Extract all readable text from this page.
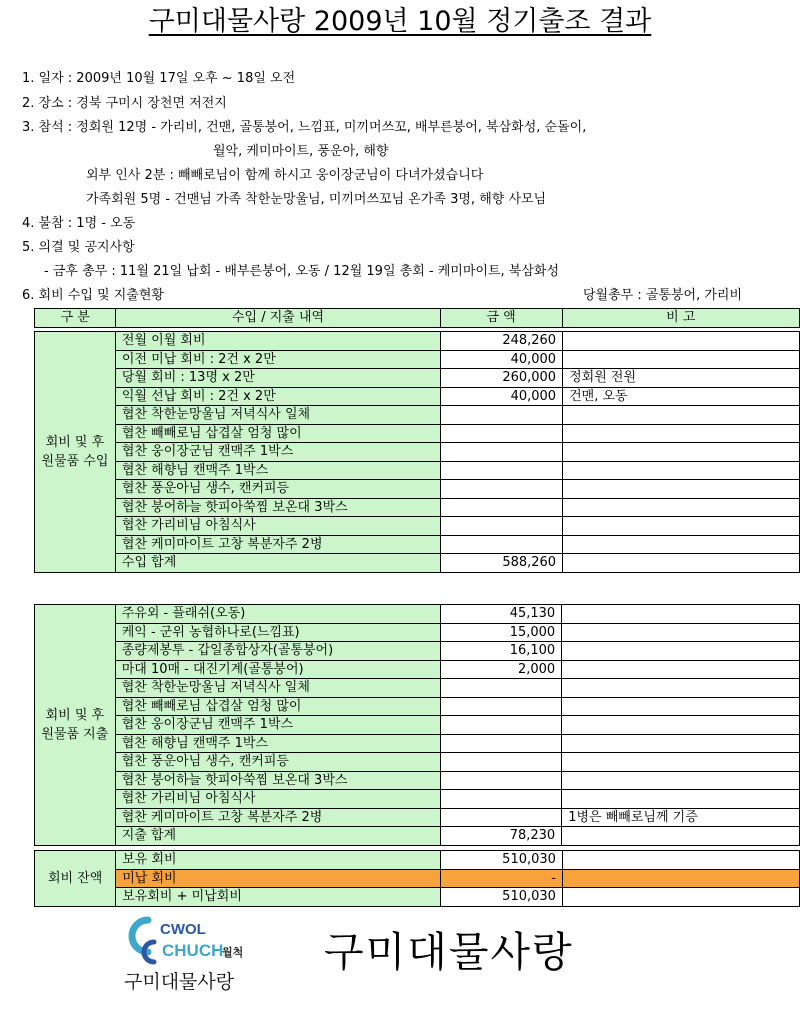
구미대물사랑 2009년 10월 정기출조 결과
1. 일자 : 2009년 10월 17일 오후 ~ 18일 오전
2. 장소 : 경북 구미시 장천면 저전지
3. 참석 : 정회원 12명 - 가리비, 건맨, 골통붕어, 느낌표, 미끼머쓰꼬, 배부른붕어, 북삼화성, 순돌이,
월악, 케미마이트, 풍운아, 해향
외부 인사 2분 : 빼빼로님이 함께 하시고 웅이장군님이 다녀가셨습니다
가족회원 5명 - 건맨님 가족 착한눈망울님, 미끼머쓰꼬님 온가족 3명, 해향 사모님
4. 불참 : 1명 - 오동
5. 의결 및 공지사항
- 금후 총무 : 11월 21일 납회 - 배부른붕어, 오동 / 12월 19일 총회 - 케미마이트, 북삼화성
6. 회비 수입 및 지출현황	당월총무 : 골통붕어, 가리비
구 분	수입 / 지출 내역	금 액	비 고
회비 및 후원물품 수입	전월 이월 회비	248,260	
	이전 미납 회비 : 2건 x 2만	40,000	
	당월 회비 : 13명 x 2만	260,000	정회원 전원
	익월 선납 회비 : 2건 x 2만	40,000	건맨, 오동
	협찬 착한눈망울님 저녁식사 일체		
	협찬 빼빼로님 삽겹살 엄청 많이		
	협찬 웅이장군님 캔맥주 1박스		
	협찬 해향님 캔맥주 1박스		
	협찬 풍운아님 생수, 캔커피등		
	협찬 붕어하늘 핫피아쑥찜 보온대 3박스		
	협찬 가리비님 아침식사		
	협찬 케미마이트 고창 복분자주 2병		
	수입 합계	588,260	
회비 및 후원물품 지출	주유외 - 플래쉬(오동)	45,130	
	케익 - 군위 농협하나로(느낌표)	15,000	
	종량제봉투 - 갑일종합상자(골통붕어)	16,100	
	마대 10매 - 대진기계(골통붕어)	2,000	
	협찬 착한눈망울님 저녁식사 일체		
	협찬 빼빼로님 삽겹살 엄청 많이		
	협찬 웅이장군님 캔맥주 1박스		
	협찬 해향님 캔맥주 1박스		
	협찬 풍운아님 생수, 캔커피등		
	협찬 붕어하늘 핫피아쑥찜 보온대 3박스		
	협찬 가리비님 아침식사		
	협찬 케미마이트 고창 복분자주 2병		1병은 빼빼로님께 기증
	지출 합계	78,230	
회비 잔액	보유 회비	510,030	
	미납 회비	-	
	보유회비 + 미납회비	510,030	
CWOL
CHUCH
월척
구미대물사랑
구미대물사랑
